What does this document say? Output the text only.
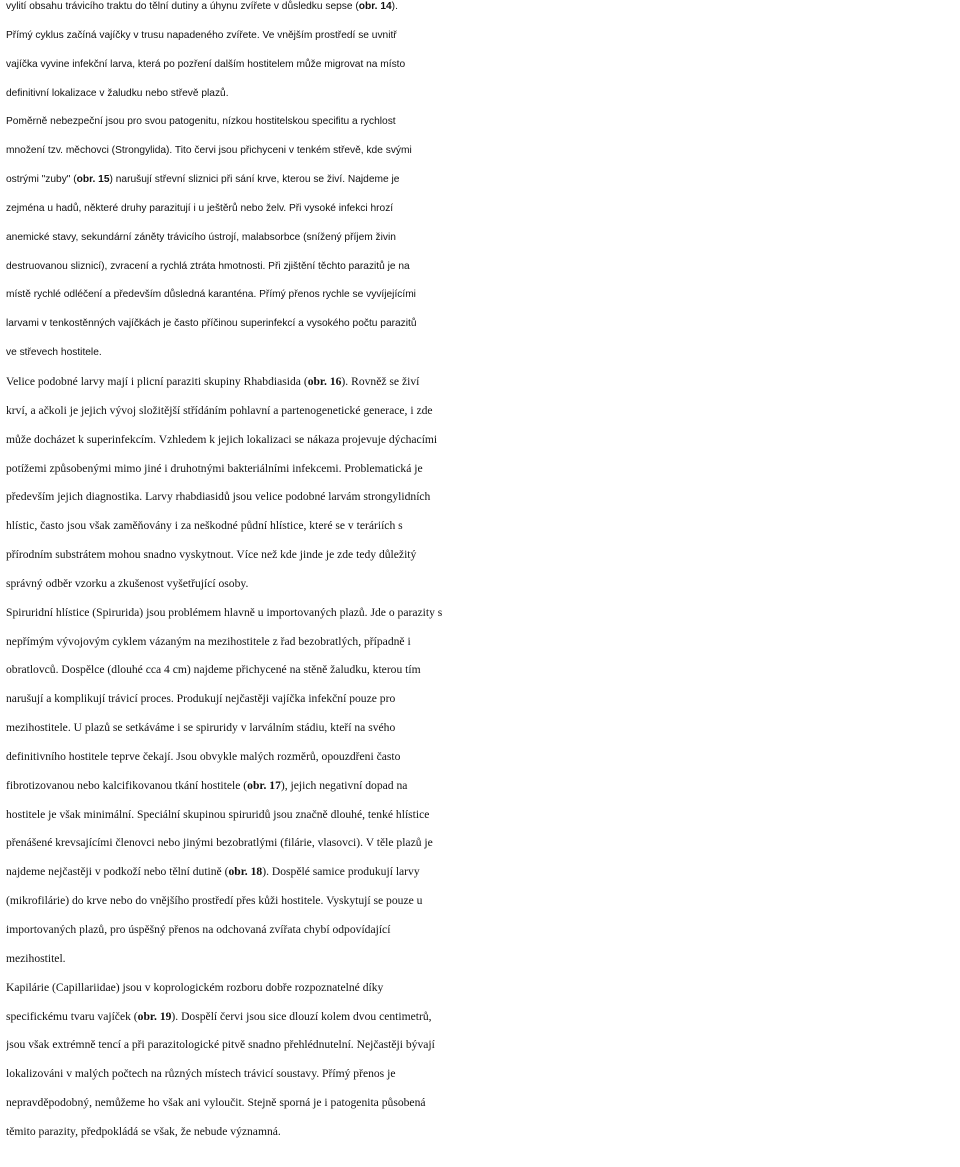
vylití obsahu trávicího traktu do tělní dutiny a úhynu zvířete v důsledku sepse (obr. 14).
Přímý cyklus začíná vajíčky v trusu napadeného zvířete. Ve vnějším prostředí se uvnitř
vajíčka vyvine infekční larva, která po pozření dalším hostitelem může migrovat na místo
definitivní lokalizace v žaludku nebo střevě plazů.
Poměrně nebezpeční jsou pro svou patogenitu, nízkou hostitelskou specifitu a rychlost
množení tzv. měchovci (Strongylida). Tito červi jsou přichyceni v tenkém střevě, kde svými
ostrými "zuby" (obr. 15) narušují střevní sliznici při sání krve, kterou se živí. Najdeme je
zejména u hadů, některé druhy parazitují i u ještěrů nebo želv. Při vysoké infekci hrozí
anemické stavy, sekundární záněty trávicího ústrojí, malabsorbce (snížený příjem živin
destruovanou sliznicí), zvracení a rychlá ztráta hmotnosti. Při zjištění těchto parazitů je na
místě rychlé odléčení a především důsledná karanténa. Přímý přenos rychle se vyvíjejícími
larvami v tenkostěnných vajíčkách je často příčinou superinfekcí a vysokého počtu parazitů
ve střevech hostitele.
Velice podobné larvy mají i plicní paraziti skupiny Rhabdiasida (obr. 16). Rovněž se živí
krví, a ačkoli je jejich vývoj složitější střídáním pohlavní a partenogenetické generace, i zde
může docházet k superinfekcím. Vzhledem k jejich lokalizaci se nákaza projevuje dýchacími
potížemi způsobenými mimo jiné i druhotnými bakteriálními infekcemi. Problematická je
především jejich diagnostika. Larvy rhabdiasidů jsou velice podobné larvám strongylidních
hlístic, často jsou však zaměňovány i za neškodné půdní hlístice, které se v teráriích s
přírodním substrátem mohou snadno vyskytnout. Více než kde jinde je zde tedy důležitý
správný odběr vzorku a zkušenost vyšetřující osoby.
Spiruridní hlístice (Spirurida) jsou problémem hlavně u importovaných plazů. Jde o parazity s
nepřímým vývojovým cyklem vázaným na mezihostitele z řad bezobratlých, případně i
obratlovců. Dospělce (dlouhé cca 4 cm) najdeme přichycené na stěně žaludku, kterou tím
narušují a komplikují trávicí proces. Produkují nejčastěji vajíčka infekční pouze pro
mezihostitele. U plazů se setkáváme i se spiruridy v larválním stádiu, kteří na svého
definitivního hostitele teprve čekají. Jsou obvykle malých rozměrů, opouzdřeni často
fibrotizovanou nebo kalcifikovanou tkání hostitele (obr. 17), jejich negativní dopad na
hostitele je však minimální. Speciální skupinou spiruridů jsou značně dlouhé, tenké hlístice
přenášené krevsajícími členovci nebo jinými bezobratlými (filárie, vlasovci). V těle plazů je
najdeme nejčastěji v podkoží nebo tělní dutině (obr. 18). Dospělé samice produkují larvy
(mikrofilárie) do krve nebo do vnějšího prostředí přes kůži hostitele. Vyskytují se pouze u
importovaných plazů, pro úspěšný přenos na odchovaná zvířata chybí odpovídající
mezihostitel.
Kapilárie (Capillariidae) jsou v koprologickém rozboru dobře rozpoznatelné díky
specifickému tvaru vajíček (obr. 19). Dospělí červi jsou sice dlouzí kolem dvou centimetrů,
jsou však extrémně tencí a při parazitologické pitvě snadno přehlédnutelní. Nejčastěji bývají
lokalizováni v malých počtech na různých místech trávicí soustavy. Přímý přenos je
nepravděpodobný, nemůžeme ho však ani vyloučit. Stejně sporná je i patogenita působená
těmito parazity, předpokládá se však, že nebude významná.
